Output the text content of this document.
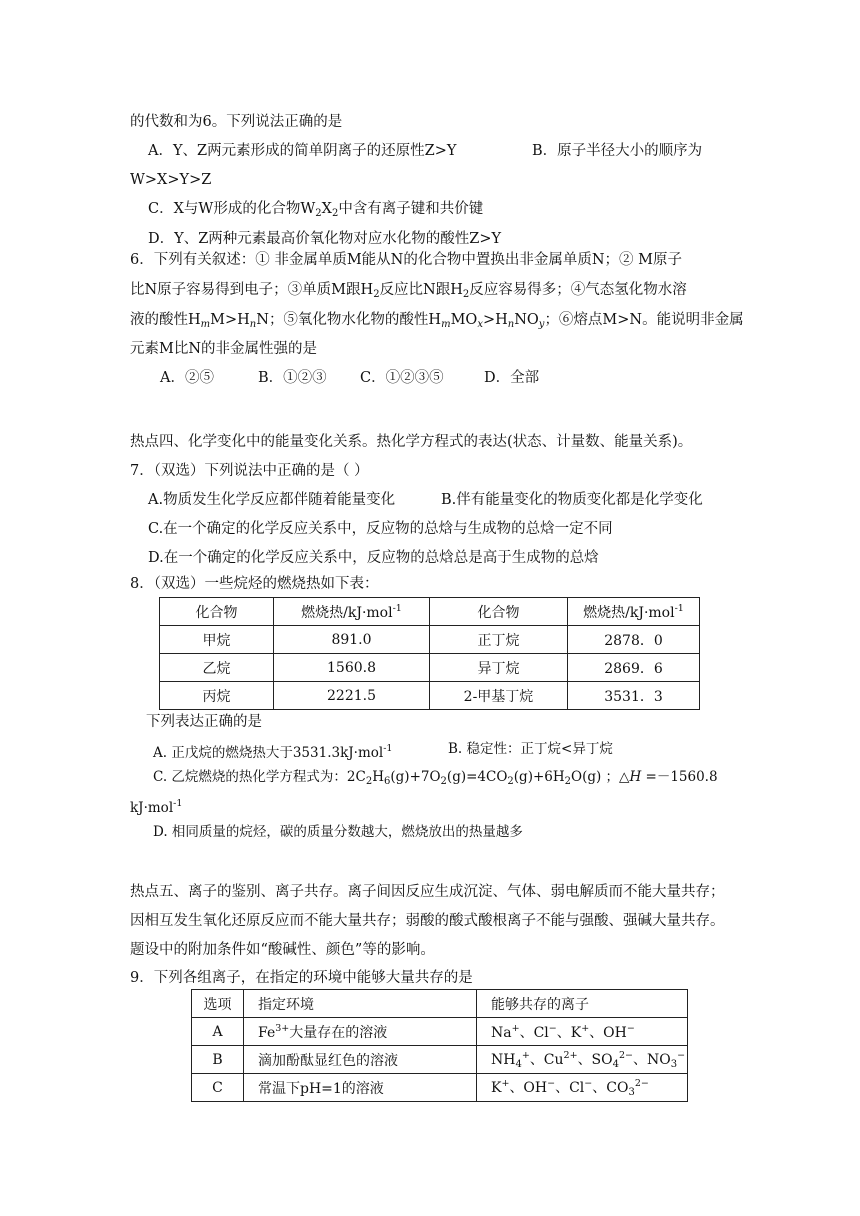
的代数和为6。下列说法正确的是
A．Y、Z两元素形成的简单阴离子的还原性Z>Y	B．原子半径大小的顺序为
W>X>Y>Z
C．X与W形成的化合物$W_2X_2$中含有离子键和共价键
D．Y、Z两种元素最高价氧化物对应水化物的酸性Z>Y
6．下列有关叙述：① 非金属单质M能从N的化合物中置换出非金属单质N；② M原子
比N原子容易得到电子；③单质M跟$H_2$反应比N跟$H_2$反应容易得多；④气态氢化物水溶
液的酸性$H_mM>H_nN$；⑤氧化物水化物的酸性$H_mMO_x>H_nNO_y$；⑥熔点M>N。能说明非金属
元素M比N的非金属性强的是
A．②⑤	B．①②③ C．①②③⑤	D．全部
热点四、化学变化中的能量变化关系。热化学方程式的表达(状态、计量数、能量关系)。
7．（双选）下列说法中正确的是（ ）
A.物质发生化学反应都伴随着能量变化	B.伴有能量变化的物质变化都是化学变化
C.在一个确定的化学反应关系中，反应物的总焓与生成物的总焓一定不同
D.在一个确定的化学反应关系中，反应物的总焓总是高于生成物的总焓
8．（双选）一些烷烃的燃烧热如下表：
化合物	燃烧热/kJ·mol$^{-1}$	化合物	燃烧热/kJ·mol$^{-1}$
甲烷	891.0	正丁烷	2878．0
乙烷	1560.8	异丁烷	2869．6
丙烷	2221.5	2-甲基丁烷	3531．3
下列表达正确的是
A. 正戊烷的燃烧热大于3531.3kJ·mol$^{-1}$	B. 稳定性：正丁烷<异丁烷
C. 乙烷燃烧的热化学方程式为：$2C_2H_6(g)+7O_2(g)=4CO_2(g)+6H_2O(g)$ ；△H =－1560.8
kJ·mol$^{-1}$
D. 相同质量的烷烃，碳的质量分数越大，燃烧放出的热量越多
热点五、离子的鉴别、离子共存。离子间因反应生成沉淀、气体、弱电解质而不能大量共存；
因相互发生氧化还原反应而不能大量共存；弱酸的酸式酸根离子不能与强酸、强碱大量共存。
题设中的附加条件如“酸碱性、颜色”等的影响。
9．下列各组离子，在指定的环境中能够大量共存的是
选项	指定环境	能够共存的离子
A	$Fe^{3+}$大量存在的溶液	Na+、Cl−、K+、OH−
B	滴加酚酞显红色的溶液	$NH_4^+$、$Cu^{2+}$、$SO_4^{2-}$、$NO_3^-$
C	常温下pH=1的溶液	K+、OH−、Cl−、$CO_3^{2-}$
